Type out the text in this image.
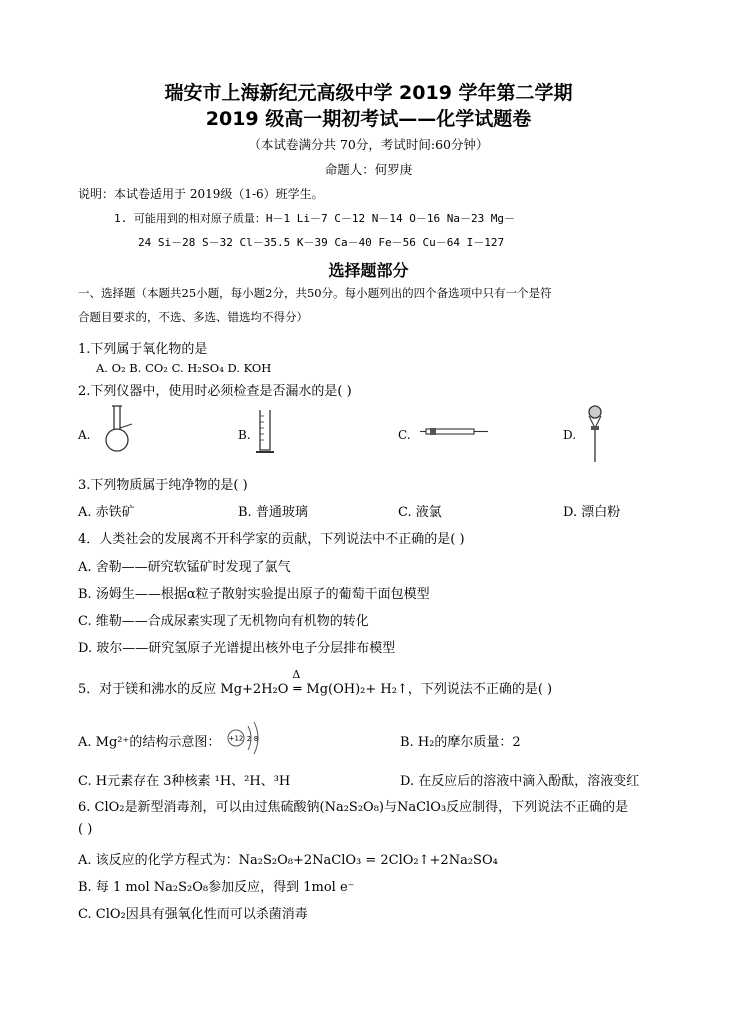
瑞安市上海新纪元高级中学 2019 学年第二学期
2019 级高一期初考试——化学试题卷
（本试卷满分共 70分，考试时间:60分钟）
命题人：何罗庚
说明：本试卷适用于 2019级（1-6）班学生。
1. 可能用到的相对原子质量：H－1 Li－7 C－12 N－14 O－16 Na－23 Mg－
24 Si－28 S－32 Cl－35.5 K－39 Ca－40 Fe－56 Cu－64 I－127
选择题部分
一、选择题（本题共25小题，每小题2分，共50分。每小题列出的四个备选项中只有一个是符
合题目要求的，不选、多选、错选均不得分）
1.下列属于氧化物的是
A. O₂ B. CO₂ C. H₂SO₄ D. KOH
2.下列仪器中，使用时必须检查是否漏水的是( )
A.	B.	C.	D.
3.下列物质属于纯净物的是( )
A. 赤铁矿	B. 普通玻璃	C. 液氯	D. 漂白粉
4．人类社会的发展离不开科学家的贡献，下列说法中不正确的是( )
A. 舍勒——研究软锰矿时发现了氯气
B. 汤姆生——根据α粒子散射实验提出原子的葡萄干面包模型
C. 维勒——合成尿素实现了无机物向有机物的转化
D. 玻尔——研究氢原子光谱提出核外电子分层排布模型
5．对于镁和沸水的反应 Mg+2H₂O
Δ
═ Mg(OH)₂+ H₂↑，下列说法不正确的是( )
A. Mg²⁺的结构示意图： +12 2 8	B. H₂的摩尔质量：2
C. H元素存在 3种核素 ¹H、²H、³H	D. 在反应后的溶液中滴入酚酞，溶液变红
6. ClO₂是新型消毒剂，可以由过焦硫酸钠(Na₂S₂O₈)与NaClO₃反应制得，下列说法不正确的是
( )
A. 该反应的化学方程式为：Na₂S₂O₈+2NaClO₃ = 2ClO₂↑+2Na₂SO₄
B. 每 1 mol Na₂S₂O₈参加反应，得到 1mol e⁻
C. ClO₂因具有强氧化性而可以杀菌消毒
